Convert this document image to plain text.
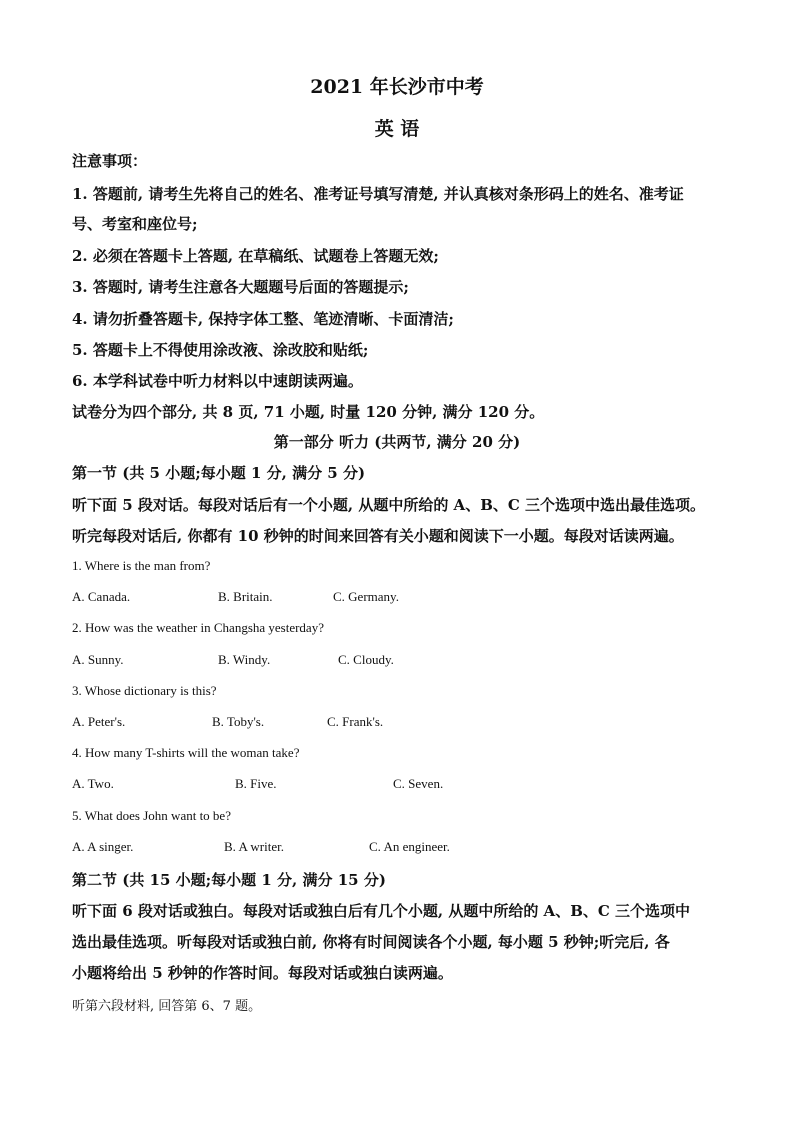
2021 年长沙市中考
英 语
注意事项：
1. 答题前, 请考生先将自己的姓名、准考证号填写清楚, 并认真核对条形码上的姓名、准考证
号、考室和座位号;
2. 必须在答题卡上答题, 在草稿纸、试题卷上答题无效;
3. 答题时, 请考生注意各大题题号后面的答题提示;
4. 请勿折叠答题卡, 保持字体工整、笔迹清晰、卡面清洁;
5. 答题卡上不得使用涂改液、涂改胶和贴纸;
6. 本学科试卷中听力材料以中速朗读两遍。
试卷分为四个部分, 共 8 页, 71 小题, 时量 120 分钟, 满分 120 分。
第一部分 听力 (共两节, 满分 20 分)
第一节 (共 5 小题;每小题 1 分, 满分 5 分)
听下面 5 段对话。每段对话后有一个小题, 从题中所给的 A、B、C 三个选项中选出最佳选项。
听完每段对话后, 你都有 10 秒钟的时间来回答有关小题和阅读下一小题。每段对话读两遍。
1. Where is the man from?
A. Canada.	B. Britain.	C. Germany.
2. How was the weather in Changsha yesterday?
A. Sunny.	B. Windy.	C. Cloudy.
3. Whose dictionary is this?
A. Peter's.	B. Toby's.	C. Frank's.
4. How many T-shirts will the woman take?
A. Two.	B. Five.	C. Seven.
5. What does John want to be?
A. A singer.	B. A writer.	C. An engineer.
第二节 (共 15 小题;每小题 1 分, 满分 15 分)
听下面 6 段对话或独白。每段对话或独白后有几个小题, 从题中所给的 A、B、C 三个选项中
选出最佳选项。听每段对话或独白前, 你将有时间阅读各个小题, 每小题 5 秒钟;听完后, 各
小题将给出 5 秒钟的作答时间。每段对话或独白读两遍。
听第六段材料, 回答第 6、7 题。
